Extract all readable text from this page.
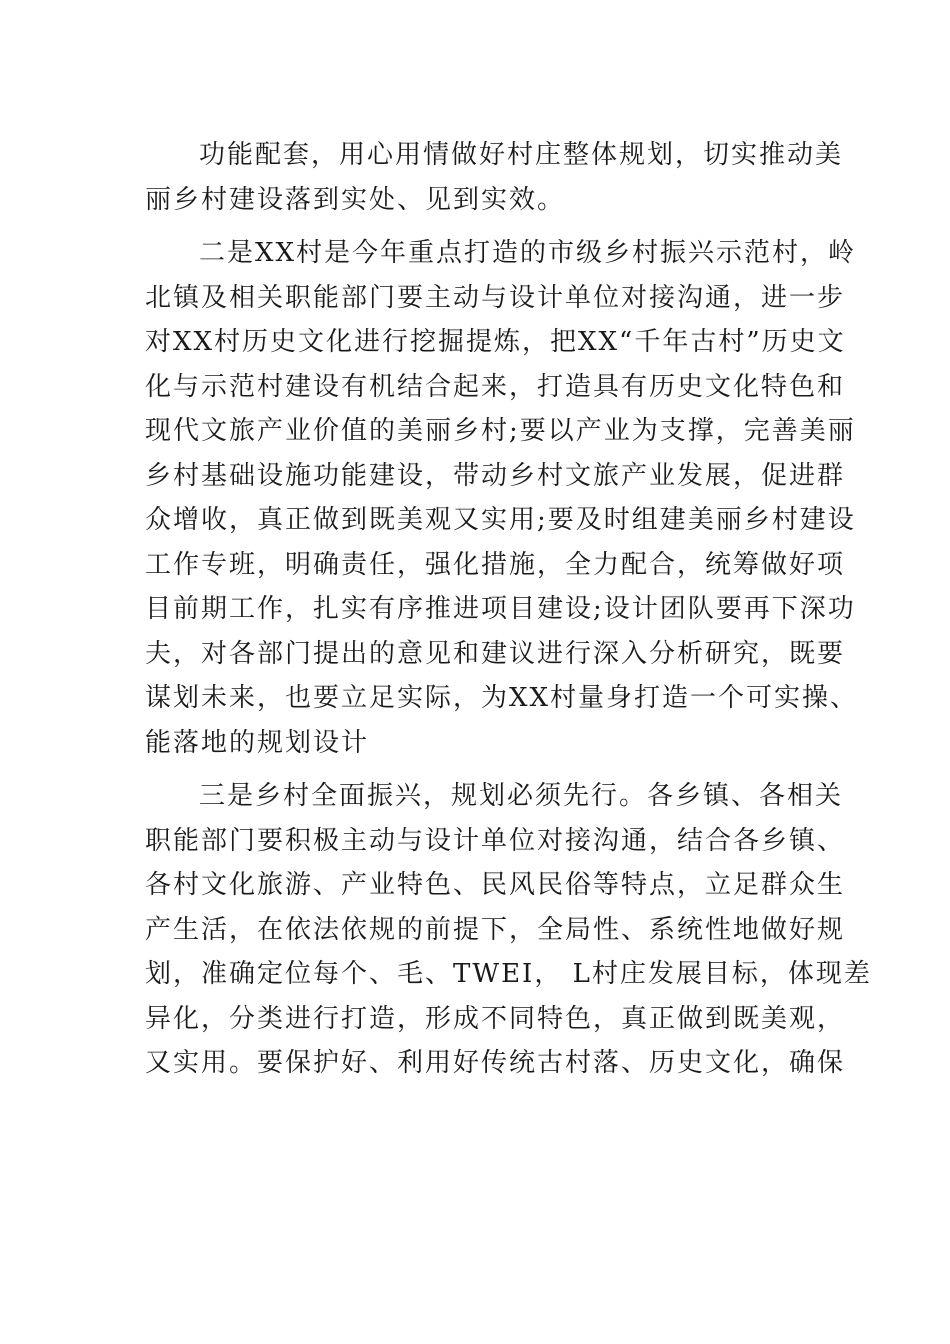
功能配套，用心用情做好村庄整体规划，切实推动美
丽乡村建设落到实处、见到实效。

二是XX村是今年重点打造的市级乡村振兴示范村，岭
北镇及相关职能部门要主动与设计单位对接沟通，进一步
对XX村历史文化进行挖掘提炼，把XX“千年古村”历史文
化与示范村建设有机结合起来，打造具有历史文化特色和
现代文旅产业价值的美丽乡村;要以产业为支撑，完善美丽
乡村基础设施功能建设，带动乡村文旅产业发展，促进群
众增收，真正做到既美观又实用;要及时组建美丽乡村建设
工作专班，明确责任，强化措施，全力配合，统筹做好项
目前期工作，扎实有序推进项目建设;设计团队要再下深功
夫，对各部门提出的意见和建议进行深入分析研究，既要
谋划未来，也要立足实际，为XX村量身打造一个可实操、
能落地的规划设计

三是乡村全面振兴，规划必须先行。各乡镇、各相关
职能部门要积极主动与设计单位对接沟通，结合各乡镇、
各村文化旅游、产业特色、民风民俗等特点，立足群众生
产生活，在依法依规的前提下，全局性、系统性地做好规
划，准确定位每个、毛、TWEI， L村庄发展目标，体现差
异化，分类进行打造，形成不同特色，真正做到既美观，
又实用。要保护好、利用好传统古村落、历史文化，确保
